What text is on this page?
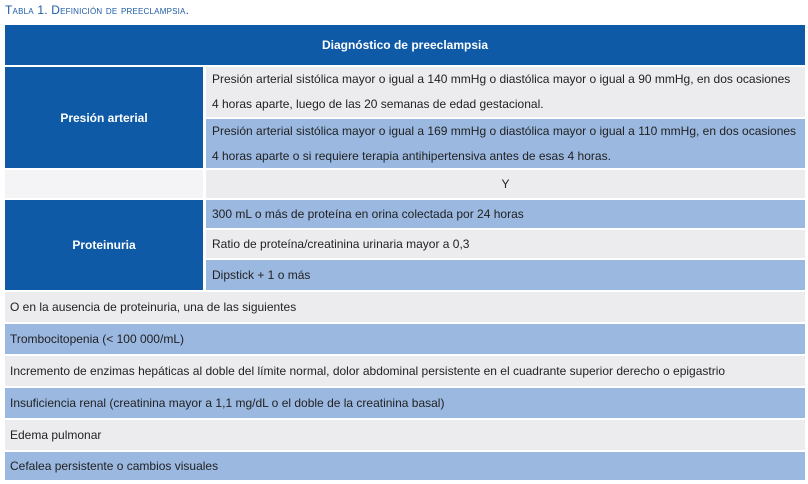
Tabla 1. Definición de preeclampsia.
Diagnóstico de preeclampsia
Presión arterial
Presión arterial sistólica mayor o igual a 140 mmHg o diastólica mayor o igual a 90 mmHg, en dos ocasiones 4 horas aparte, luego de las 20 semanas de edad gestacional.
Presión arterial sistólica mayor o igual a 169 mmHg o diastólica mayor o igual a 110 mmHg, en dos ocasiones 4 horas aparte o si requiere terapia antihipertensiva antes de esas 4 horas.
Y
Proteinuria
300 mL o más de proteína en orina colectada por 24 horas
Ratio de proteína/creatinina urinaria mayor a 0,3
Dipstick + 1 o más
O en la ausencia de proteinuria, una de las siguientes
Trombocitopenia (< 100 000/mL)
Incremento de enzimas hepáticas al doble del límite normal, dolor abdominal persistente en el cuadrante superior derecho o epigastrio
Insuficiencia renal (creatinina mayor a 1,1 mg/dL o el doble de la creatinina basal)
Edema pulmonar
Cefalea persistente o cambios visuales
